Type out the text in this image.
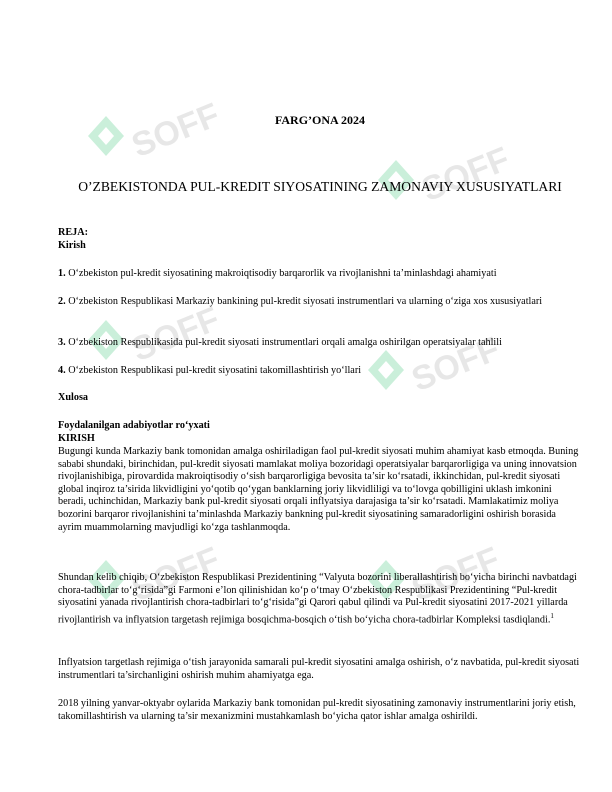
SOFF
SOFF
SOFF	SOFF
SOFF	SOFF
FARG’ONA 2024
O’ZBEKISTONDA PUL-KREDIT SIYOSATINING ZAMONAVIY XUSUSIYATLARI
REJA:
Kirish
1. O‘zbekiston pul-kredit siyosatining makroiqtisodiy barqarorlik va rivojlanishni ta’minlashdagi ahamiyati
2. O‘zbekiston Respublikasi Markaziy bankining pul-kredit siyosati instrumentlari va ularning o‘ziga xos xususiyatlari
3. O‘zbekiston Respublikasida pul-kredit siyosati instrumentlari orqali amalga oshirilgan operatsiyalar tahlili
4. O‘zbekiston Respublikasi pul-kredit siyosatini takomillashtirish yo‘llari
Xulosa
Foydalanilgan adabiyotlar ro‘yxati
KIRISH
Bugungi kunda Markaziy bank tomonidan amalga oshiriladigan faol pul-kredit siyosati muhim ahamiyat kasb etmoqda. Buning sababi shundaki, birinchidan, pul-kredit siyosati mamlakat moliya bozoridagi operatsiyalar barqarorligiga va uning innovatsion rivojlanishibiga, pirovardida makroiqtisodiy o‘sish barqarorligiga bevosita ta’sir ko‘rsatadi, ikkinchidan, pul-kredit siyosati global inqiroz ta’sirida likvidligini yo‘qotib qo‘ygan banklarning joriy likvidliligi va to‘lovga qobilligini uklash imkonini beradi, uchinchidan, Markaziy bank pul-kredit siyosati orqali inflyatsiya darajasiga ta’sir ko‘rsatadi. Mamlakatimiz moliya bozorini barqaror rivojlanishini ta’minlashda Markaziy bankning pul-kredit siyosatining samaradorligini oshirish borasida ayrim muammolarning mavjudligi ko‘zga tashlanmoqda.
Shundan kelib chiqib, O‘zbekiston Respublikasi Prezidentining “Valyuta bozorini liberallashtirish bo‘yicha birinchi navbatdagi chora-tadbirlar to‘g‘risida”gi Farmoni e’lon qilinishidan ko‘p o‘tmay O‘zbekiston Respublikasi Prezidentining “Pul-kredit siyosatini yanada rivojlantirish chora-tadbirlari to‘g‘risida”gi Qarori qabul qilindi va Pul-kredit siyosatini 2017-2021 yillarda rivojlantirish va inflyatsion targetash rejimiga bosqichma-bosqich o‘tish bo‘yicha chora-tadbirlar Kompleksi tasdiqlandi.$^1$
Inflyatsion targetlash rejimiga o‘tish jarayonida samarali pul-kredit siyosatini amalga oshirish, o‘z navbatida, pul-kredit siyosati instrumentlari ta’sirchanligini oshirish muhim ahamiyatga ega.
2018 yilning yanvar-oktyabr oylarida Markaziy bank tomonidan pul-kredit siyosatining zamonaviy instrumentlarini joriy etish, takomillashtirish va ularning ta’sir mexanizmini mustahkamlash bo‘yicha qator ishlar amalga oshirildi.
